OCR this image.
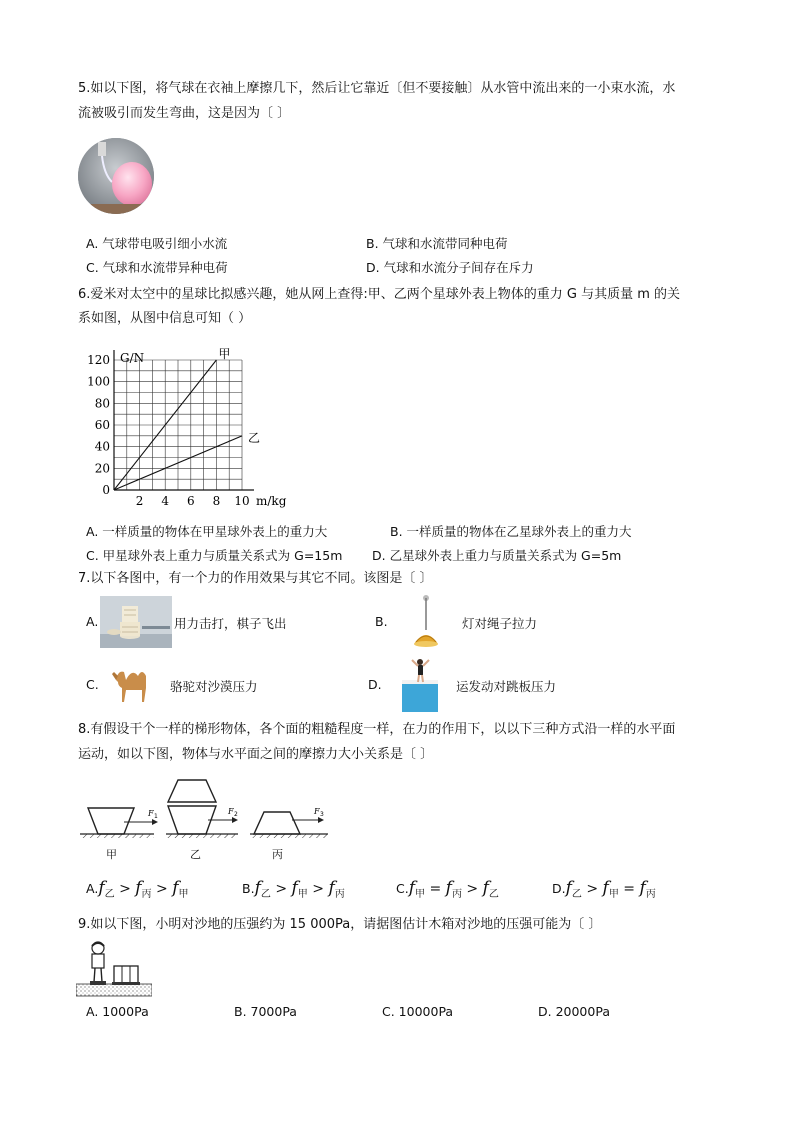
5.如以下图，将气球在衣袖上摩擦几下，然后让它靠近〔但不要接触〕从水管中流出来的一小束水流，水
流被吸引而发生弯曲，这是因为〔 〕
A. 气球带电吸引细小水流	B. 气球和水流带同种电荷
C. 气球和水流带异种电荷	D. 气球和水流分子间存在斥力
6.爱米对太空中的星球比拟感兴趣，她从网上查得:甲、乙两个星球外表上物体的重力 G 与其质量 m 的关
系如图，从图中信息可知（ ）
0
20
40
60
80
100
120
2 4 6 8 10
G/N
m/kg
甲
乙
A. 一样质量的物体在甲星球外表上的重力大	B. 一样质量的物体在乙星球外表上的重力大
C. 甲星球外表上重力与质量关系式为 G=15m D. 乙星球外表上重力与质量关系式为 G=5m
7.以下各图中，有一个力的作用效果与其它不同。该图是〔 〕
A.	用力击打，棋子飞出	B.	灯对绳子拉力
C.	骆驼对沙漠压力	D.	运发动对跳板压力
8.有假设干个一样的梯形物体，各个面的粗糙程度一样，在力的作用下，以以下三种方式沿一样的水平面
运动，如以下图，物体与水平面之间的摩擦力大小关系是〔 〕
F 1
F 2	F 3
甲	乙	丙
$A.f_乙 > f_丙 > f_甲$	$B.f_乙 > f_甲 > f_丙$	$C.f_甲 = f_丙 > f_乙$	$D.f_乙 > f_甲 = f_丙$
9.如以下图，小明对沙地的压强约为 15 000Pa，请据图估计木箱对沙地的压强可能为〔 〕
A. 1000Pa	B. 7000Pa	C. 10000Pa	D. 20000Pa
